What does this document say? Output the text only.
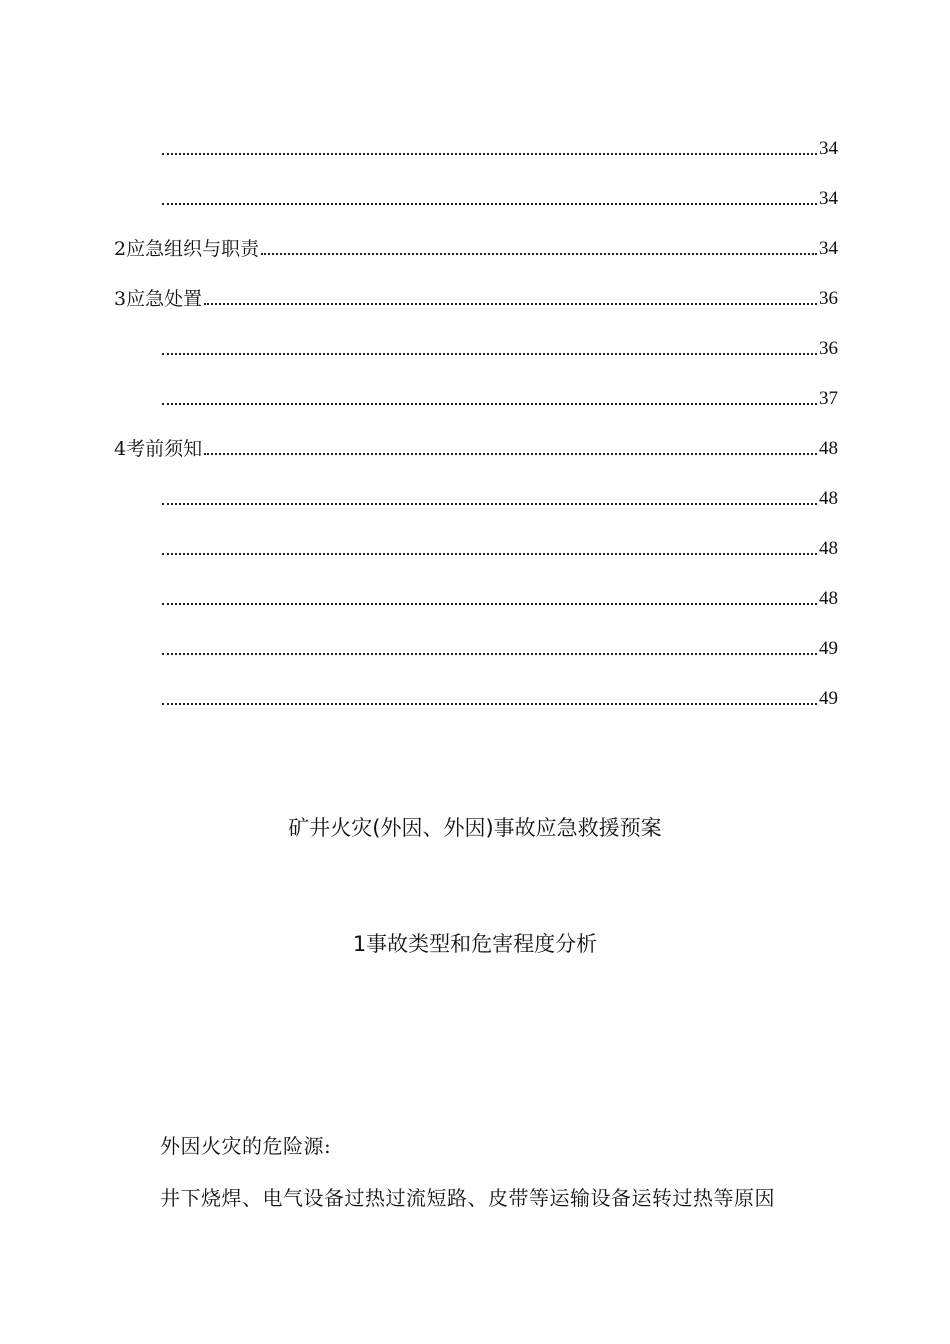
34
34
2应急组织与职责	34
3应急处置	36
36
37
4考前须知	48
48
48
48
49
49
矿井火灾(外因、外因)事故应急救援预案
1事故类型和危害程度分析
外因火灾的危险源:
井下烧焊、电气设备过热过流短路、皮带等运输设备运转过热等原因
